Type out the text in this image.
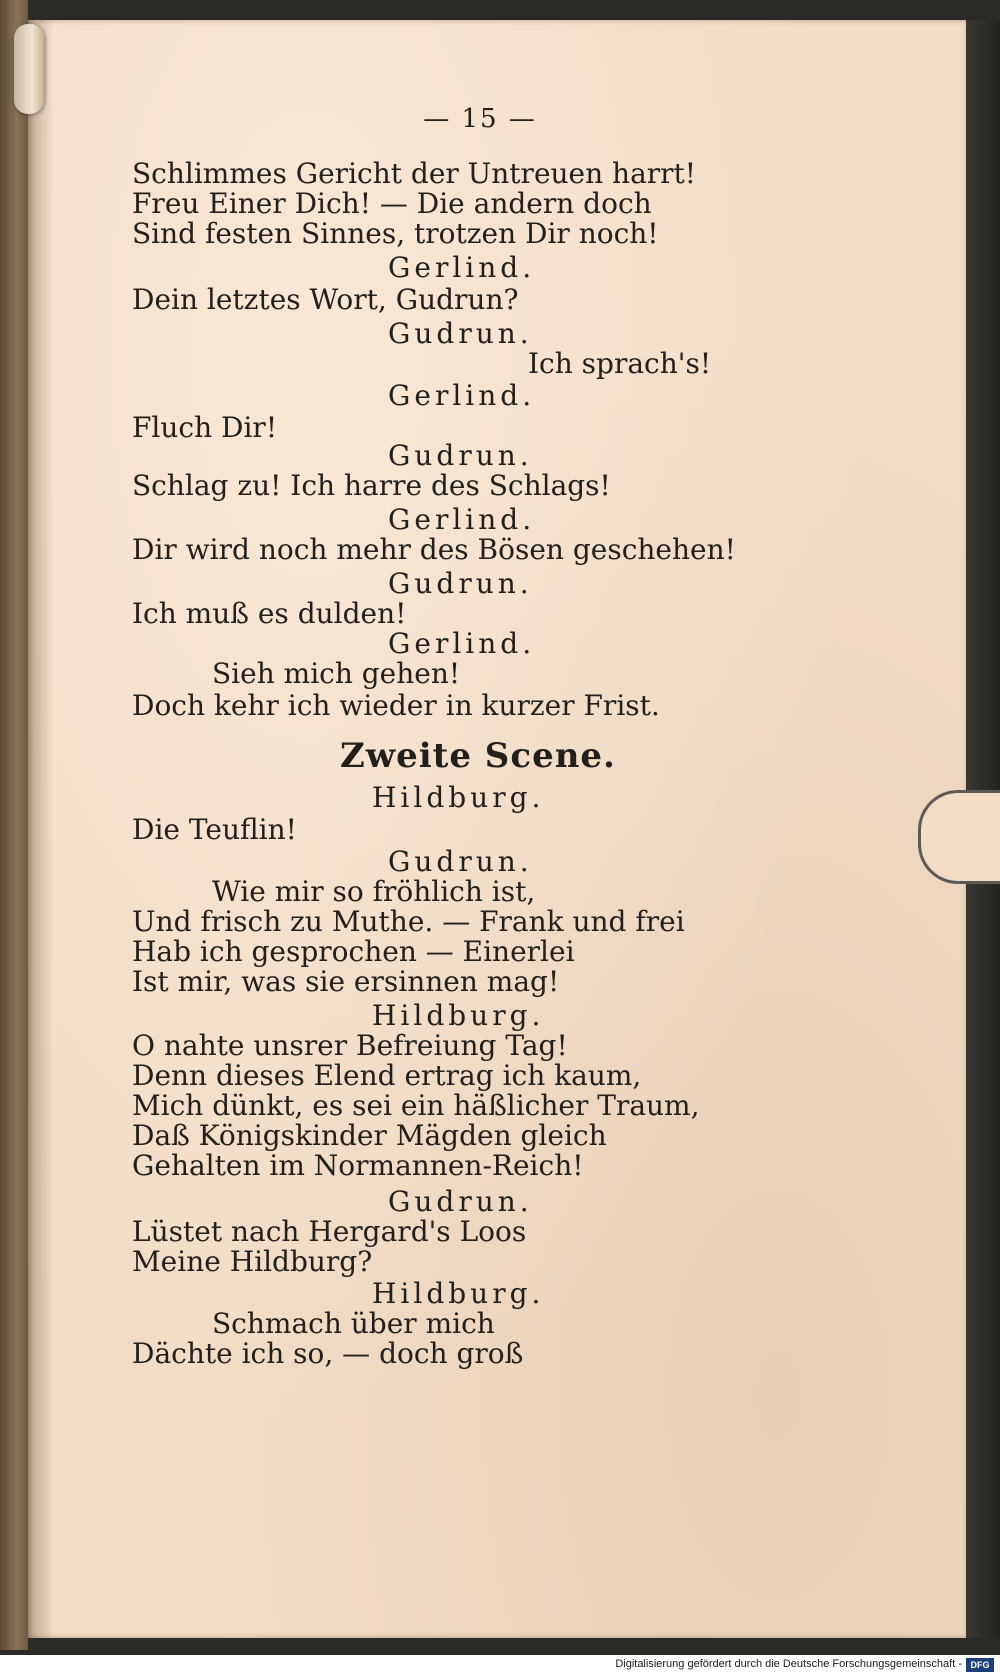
— 15 —
Schlimmes Gericht der Untreuen harrt!
Freu Einer Dich! — Die andern doch
Sind festen Sinnes, trotzen Dir noch!
Gerlind.
Dein letztes Wort, Gudrun?
Gudrun.
Ich sprach's!
Gerlind.
Fluch Dir!
Gudrun.
Schlag zu! Ich harre des Schlags!
Gerlind.
Dir wird noch mehr des Bösen geschehen!
Gudrun.
Ich muß es dulden!
Gerlind.
Sieh mich gehen!
Doch kehr ich wieder in kurzer Frist.
Zweite Scene.
Hildburg.
Die Teuflin!
Gudrun.
Wie mir so fröhlich ist,
Und frisch zu Muthe. — Frank und frei
Hab ich gesprochen — Einerlei
Ist mir, was sie ersinnen mag!
Hildburg.
O nahte unsrer Befreiung Tag!
Denn dieses Elend ertrag ich kaum,
Mich dünkt, es sei ein häßlicher Traum,
Daß Königskinder Mägden gleich
Gehalten im Normannen-Reich!
Gudrun.
Lüstet nach Hergard's Loos
Meine Hildburg?
Hildburg.
Schmach über mich
Dächte ich so, — doch groß
Digitalisierung gefördert durch die Deutsche Forschungsgemeinschaft - DFG
